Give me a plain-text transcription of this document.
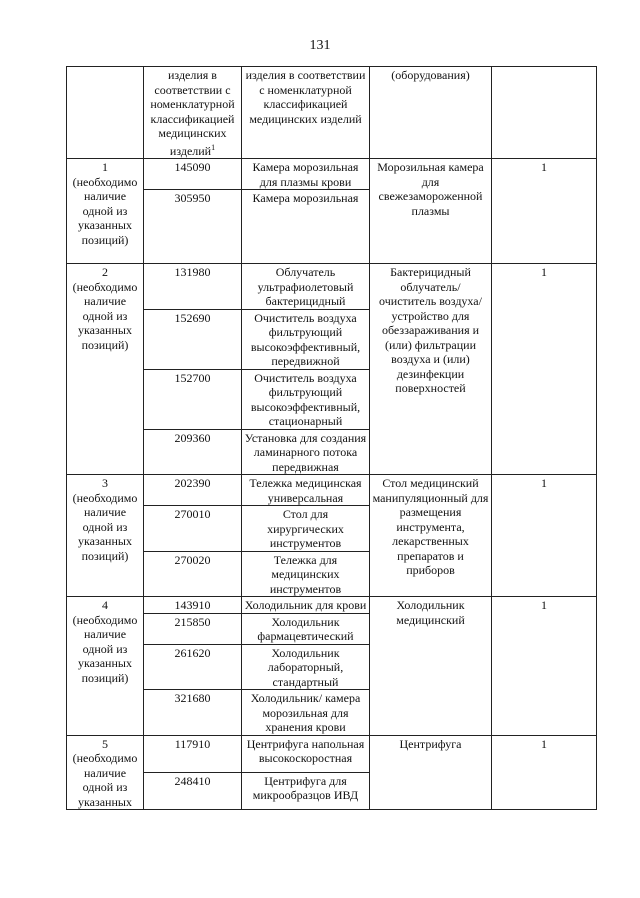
131
	изделия в соответствии с номенклатурной классификацией медицинских изделий$^1$	изделия в соответствии с номенклатурной классификацией медицинских изделий	(оборудования)	

1
(необходимо наличие одной из указанных позиций)	145090	Камера морозильная для плазмы крови	Морозильная камера для свежезамороженной плазмы	1
	305950	Камера морозильная		

2
(необходимо наличие одной из указанных позиций)	131980	Облучатель ультрафиолетовый бактерицидный	Бактерицидный облучатель/ очиститель воздуха/ устройство для обеззараживания и (или) фильтрации воздуха и (или) дезинфекции поверхностей	1
	152690	Очиститель воздуха фильтрующий высокоэффективный, передвижной		
	152700	Очиститель воздуха фильтрующий высокоэффективный, стационарный		
	209360	Установка для создания ламинарного потока передвижная		

3
(необходимо наличие одной из указанных позиций)	202390	Тележка медицинская универсальная	Стол медицинский манипуляционный для размещения инструмента, лекарственных препаратов и приборов	1
	270010	Стол для хирургических инструментов		
	270020	Тележка для медицинских инструментов		

4
(необходимо наличие одной из указанных позиций)	143910	Холодильник для крови	Холодильник медицинский	1
	215850	Холодильник фармацевтический		
	261620	Холодильник лабораторный, стандартный		
	321680	Холодильник/ камера морозильная для хранения крови		

5
(необходимо наличие одной из указанных	117910	Центрифуга напольная высокоскоростная	Центрифуга	1
	248410	Центрифуга для микрообразцов ИВД		
